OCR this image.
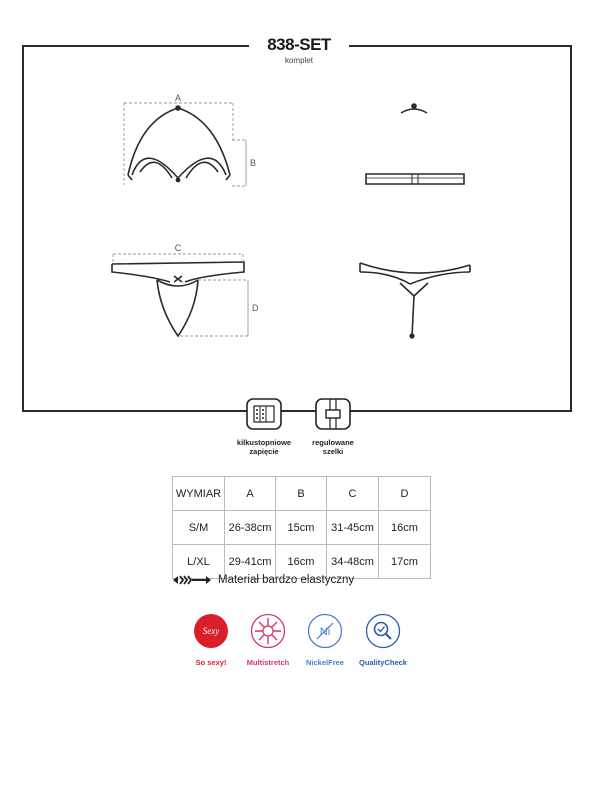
838-SET
komplet
A
B
C
D
kilkustopniowe
zapięcie
regulowane
szelki
WYMIAR	A	B	C	D
S/M	26-38cm	15cm	31-45cm	16cm
L/XL	29-41cm	16cm	34-48cm	17cm
Materiał bardzo elastyczny
Sexy
So sexy!	Multistretch
Ni
NickelFree	QualityCheck
